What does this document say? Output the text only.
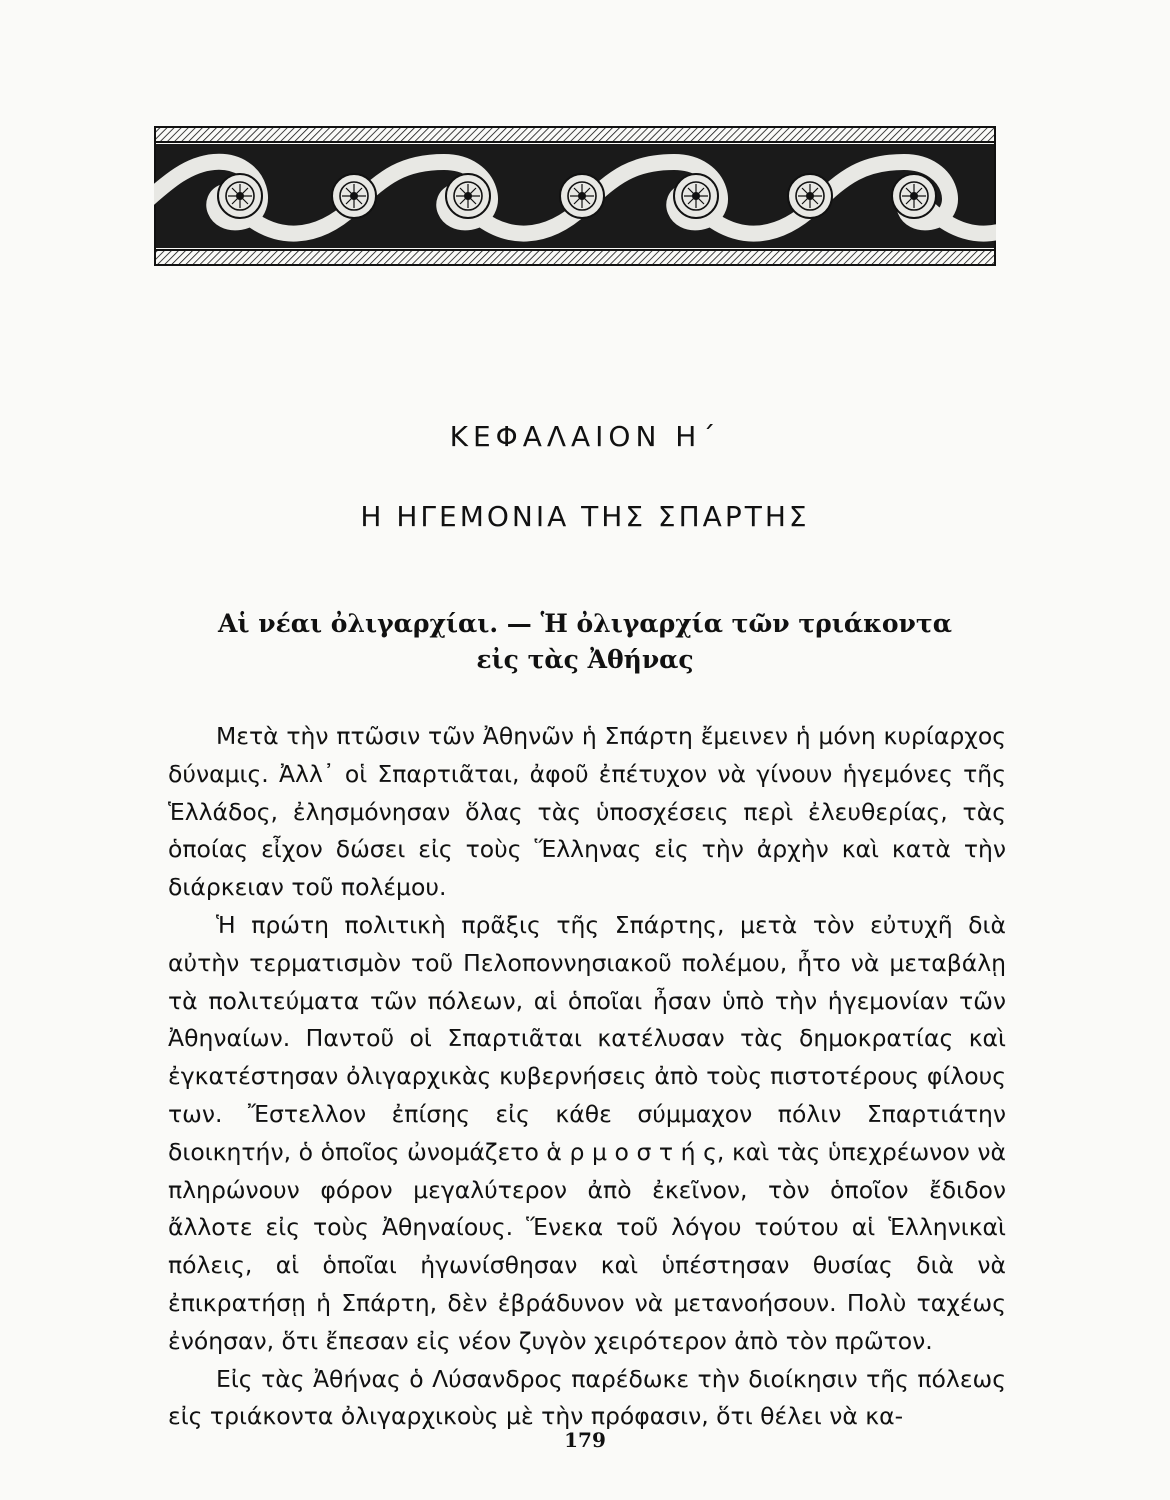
ΚΕΦΑΛΑΙΟΝ Η΄
Η ΗΓΕΜΟΝΙΑ ΤΗΣ ΣΠΑΡΤΗΣ
Αἱ νέαι ὀλιγαρχίαι. — Ἡ ὀλιγαρχία τῶν τριάκοντα
εἰς τὰς Ἀθήνας

Μετὰ τὴν πτῶσιν τῶν Ἀθηνῶν ἡ Σπάρτη ἔμεινεν ἡ μόνη κυρίαρχος δύναμις. Ἀλλ᾽ οἱ Σπαρτιᾶται, ἀφοῦ ἐπέτυχον νὰ γίνουν ἡγεμόνες τῆς Ἑλλάδος, ἐλησμόνησαν ὅλας τὰς ὑποσχέσεις περὶ ἐλευθερίας, τὰς ὁποίας εἶχον δώσει εἰς τοὺς Ἕλληνας εἰς τὴν ἀρχὴν καὶ κατὰ τὴν διάρκειαν τοῦ πολέμου.

Ἡ πρώτη πολιτικὴ πρᾶξις τῆς Σπάρτης, μετὰ τὸν εὐτυχῆ διὰ αὐτὴν τερματισμὸν τοῦ Πελοποννησιακοῦ πολέμου, ἦτο νὰ μεταβάλῃ τὰ πολιτεύματα τῶν πόλεων, αἱ ὁποῖαι ἦσαν ὑπὸ τὴν ἡγεμονίαν τῶν Ἀθηναίων. Παντοῦ οἱ Σπαρτιᾶται κατέλυσαν τὰς δημοκρατίας καὶ ἐγκατέστησαν ὀλιγαρχικὰς κυβερνήσεις ἀπὸ τοὺς πιστοτέρους φίλους των. Ἔστελλον ἐπίσης εἰς κάθε σύμμαχον πόλιν Σπαρτιάτην διοικητήν, ὁ ὁποῖος ὠνομάζετο ἁ ρ μ ο σ τ ή ς, καὶ τὰς ὑπεχρέωνον νὰ πληρώνουν φόρον μεγαλύτερον ἀπὸ ἐκεῖνον, τὸν ὁποῖον ἔδιδον ἄλλοτε εἰς τοὺς Ἀθηναίους. Ἕνεκα τοῦ λόγου τούτου αἱ Ἑλληνικαὶ πόλεις, αἱ ὁποῖαι ἠγωνίσθησαν καὶ ὑπέστησαν θυσίας διὰ νὰ ἐπικρατήσῃ ἡ Σπάρτη, δὲν ἐβράδυνον νὰ μετανοήσουν. Πολὺ ταχέως ἐνόησαν, ὅτι ἔπεσαν εἰς νέον ζυγὸν χειρότερον ἀπὸ τὸν πρῶτον.

Εἰς τὰς Ἀθήνας ὁ Λύσανδρος παρέδωκε τὴν διοίκησιν τῆς πόλεως εἰς τριάκοντα ὀλιγαρχικοὺς μὲ τὴν πρόφασιν, ὅτι θέλει νὰ κα-

179
